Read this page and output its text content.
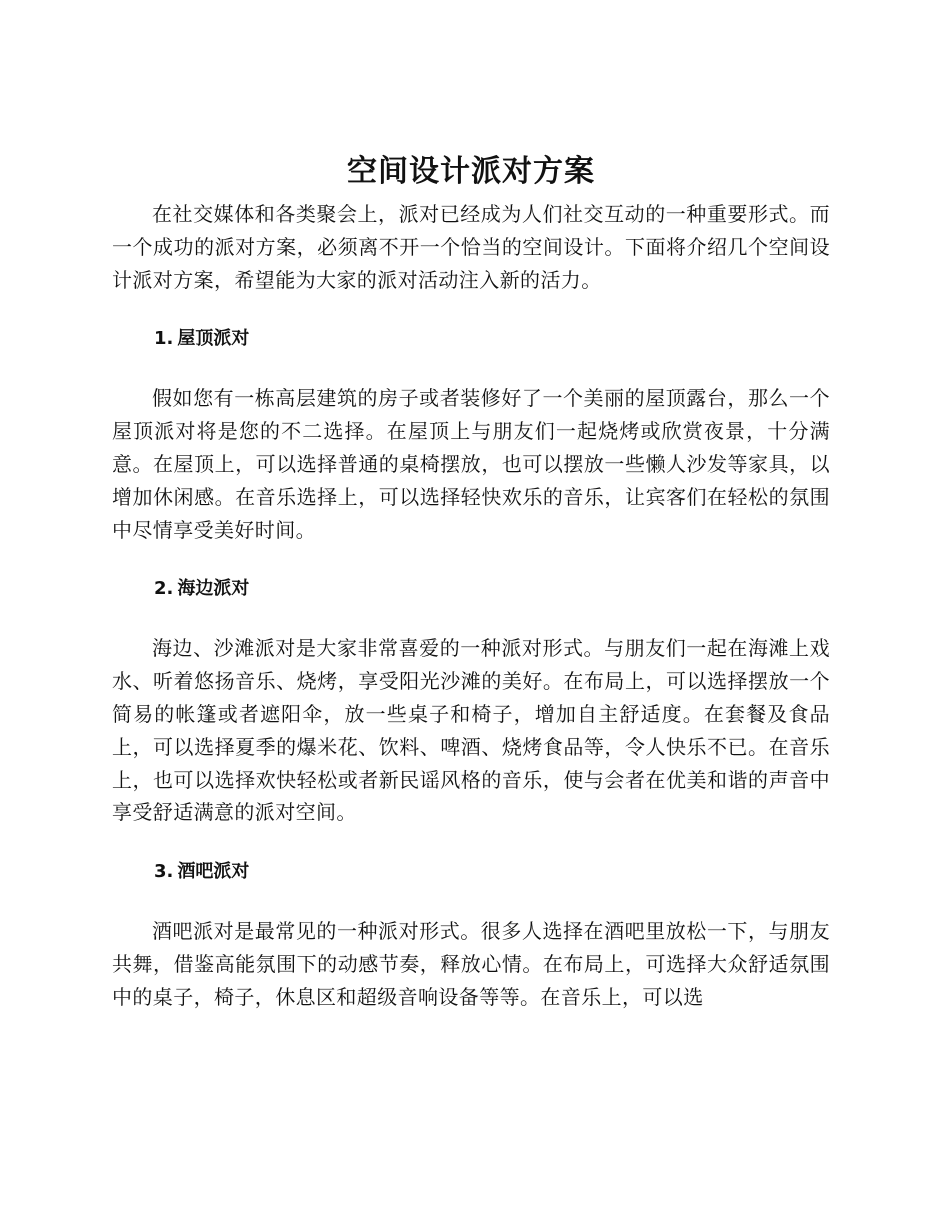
空间设计派对方案

在社交媒体和各类聚会上，派对已经成为人们社交互动的一种重要形式。而一个成功的派对方案，必须离不开一个恰当的空间设计。下面将介绍几个空间设计派对方案，希望能为大家的派对活动注入新的活力。

1. 屋顶派对

假如您有一栋高层建筑的房子或者装修好了一个美丽的屋顶露台，那么一个屋顶派对将是您的不二选择。在屋顶上与朋友们一起烧烤或欣赏夜景，十分满意。在屋顶上，可以选择普通的桌椅摆放，也可以摆放一些懒人沙发等家具，以增加休闲感。在音乐选择上，可以选择轻快欢乐的音乐，让宾客们在轻松的氛围中尽情享受美好时间。

2. 海边派对

海边、沙滩派对是大家非常喜爱的一种派对形式。与朋友们一起在海滩上戏水、听着悠扬音乐、烧烤，享受阳光沙滩的美好。在布局上，可以选择摆放一个简易的帐篷或者遮阳伞，放一些桌子和椅子，增加自主舒适度。在套餐及食品上，可以选择夏季的爆米花、饮料、啤酒、烧烤食品等，令人快乐不已。在音乐上，也可以选择欢快轻松或者新民谣风格的音乐，使与会者在优美和谐的声音中享受舒适满意的派对空间。

3. 酒吧派对

酒吧派对是最常见的一种派对形式。很多人选择在酒吧里放松一下，与朋友共舞，借鉴高能氛围下的动感节奏，释放心情。在布局上，可选择大众舒适氛围中的桌子，椅子，休息区和超级音响设备等等。在音乐上，可以选
